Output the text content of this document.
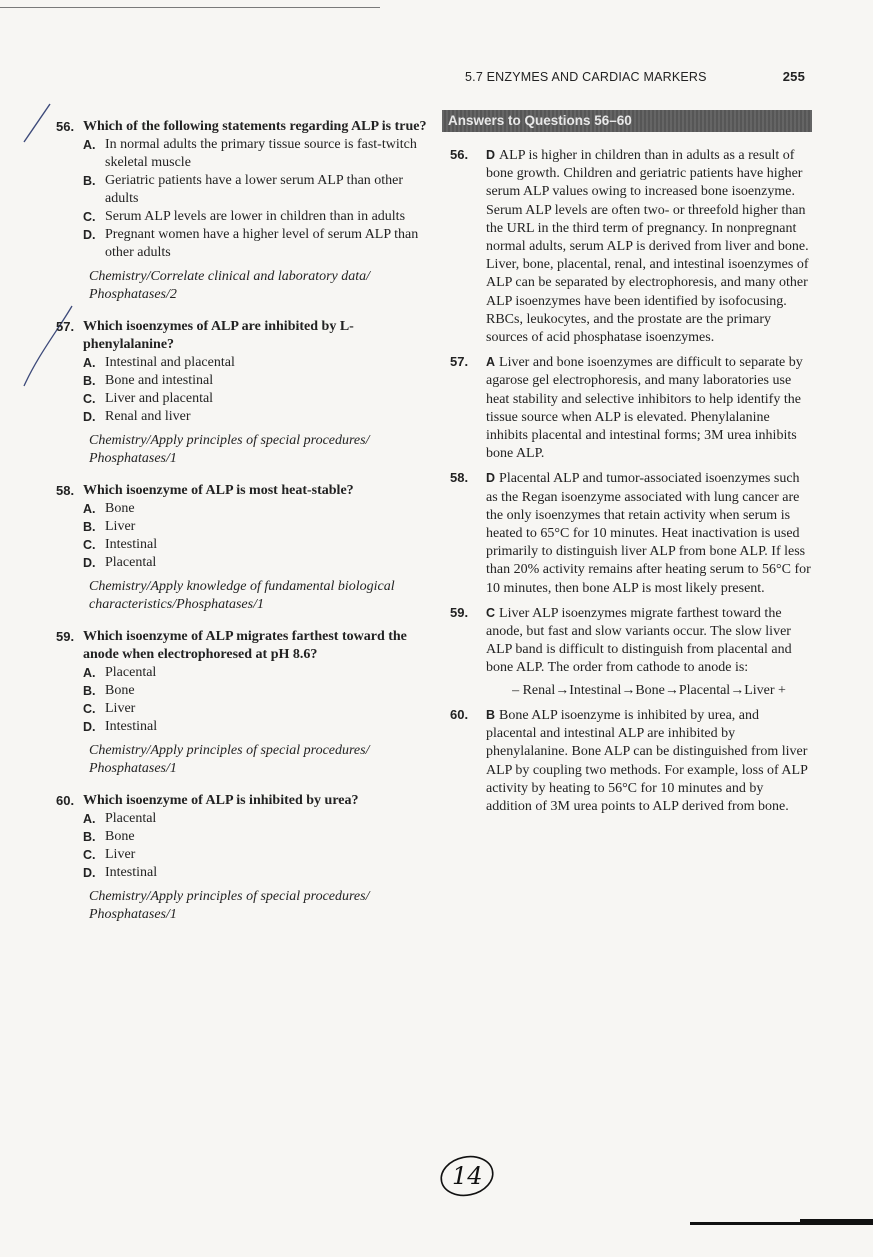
5.7 ENZYMES AND CARDIAC MARKERS	255
56. Which of the following statements regarding ALP is true?
A. In normal adults the primary tissue source is fast-twitch skeletal muscle
B. Geriatric patients have a lower serum ALP than other adults
C. Serum ALP levels are lower in children than in adults
D. Pregnant women have a higher level of serum ALP than other adults
Chemistry/Correlate clinical and laboratory data/ Phosphatases/2
57. Which isoenzymes of ALP are inhibited by L-phenylalanine?
A. Intestinal and placental
B. Bone and intestinal
C. Liver and placental
D. Renal and liver
Chemistry/Apply principles of special procedures/ Phosphatases/1
58. Which isoenzyme of ALP is most heat-stable?
A. Bone
B. Liver
C. Intestinal
D. Placental
Chemistry/Apply knowledge of fundamental biological characteristics/Phosphatases/1
59. Which isoenzyme of ALP migrates farthest toward the anode when electrophoresed at pH 8.6?
A. Placental
B. Bone
C. Liver
D. Intestinal
Chemistry/Apply principles of special procedures/ Phosphatases/1
60. Which isoenzyme of ALP is inhibited by urea?
A. Placental
B. Bone
C. Liver
D. Intestinal
Chemistry/Apply principles of special procedures/ Phosphatases/1
Answers to Questions 56–60
56.	D ALP is higher in children than in adults as a result of bone growth. Children and geriatric patients have higher serum ALP values owing to increased bone isoenzyme. Serum ALP levels are often two- or threefold higher than the URL in the third term of pregnancy. In nonpregnant normal adults, serum ALP is derived from liver and bone. Liver, bone, placental, renal, and intestinal isoenzymes of ALP can be separated by electrophoresis, and many other ALP isoenzymes have been identified by isofocusing. RBCs, leukocytes, and the prostate are the primary sources of acid phosphatase isoenzymes.
57.	A Liver and bone isoenzymes are difficult to separate by agarose gel electrophoresis, and many laboratories use heat stability and selective inhibitors to help identify the tissue source when ALP is elevated. Phenylalanine inhibits placental and intestinal forms; 3M urea inhibits bone ALP.
58.	D Placental ALP and tumor-associated isoenzymes such as the Regan isoenzyme associated with lung cancer are the only isoenzymes that retain activity when serum is heated to 65°C for 10 minutes. Heat inactivation is used primarily to distinguish liver ALP from bone ALP. If less than 20% activity remains after heating serum to 56°C for 10 minutes, then bone ALP is most likely present.
59.	C Liver ALP isoenzymes migrate farthest toward the anode, but fast and slow variants occur. The slow liver ALP band is difficult to distinguish from placental and bone ALP. The order from cathode to anode is:
– Renal→Intestinal→Bone→Placental→Liver +
60.	B Bone ALP isoenzyme is inhibited by urea, and placental and intestinal ALP are inhibited by phenylalanine. Bone ALP can be distinguished from liver ALP by coupling two methods. For example, loss of ALP activity by heating to 56°C for 10 minutes and by addition of 3M urea points to ALP derived from bone.
14
